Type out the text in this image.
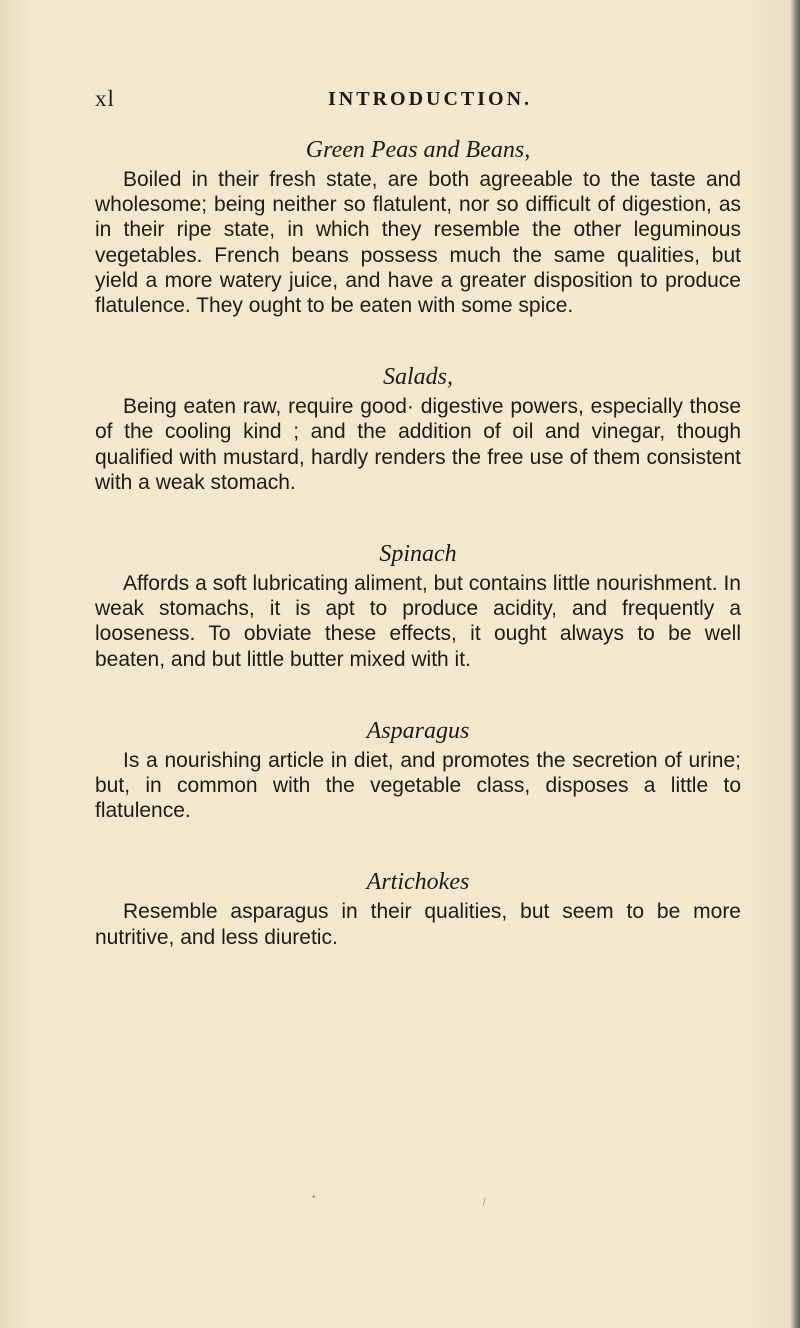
xl	INTRODUCTION.

Green Peas and Beans,

Boiled in their fresh state, are both agreeable to the taste and wholesome; being neither so flatulent, nor so difficult of digestion, as in their ripe state, in which they resemble the other leguminous vegetables. French beans possess much the same qualities, but yield a more watery juice, and have a greater disposition to produce flatulence. They ought to be eaten with some spice.

Salads,

Being eaten raw, require good· digestive powers, especially those of the cooling kind ; and the addition of oil and vinegar, though qualified with mustard, hardly renders the free use of them consistent with a weak stomach.

Spinach

Affords a soft lubricating aliment, but contains little nourishment. In weak stomachs, it is apt to produce acidity, and frequently a looseness. To obviate these effects, it ought always to be well beaten, and but little butter mixed with it.

Asparagus

Is a nourishing article in diet, and promotes the secretion of urine; but, in common with the vegetable class, disposes a little to flatulence.

Artichokes

Resemble asparagus in their qualities, but seem to be more nutritive, and less diuretic.

•	/
